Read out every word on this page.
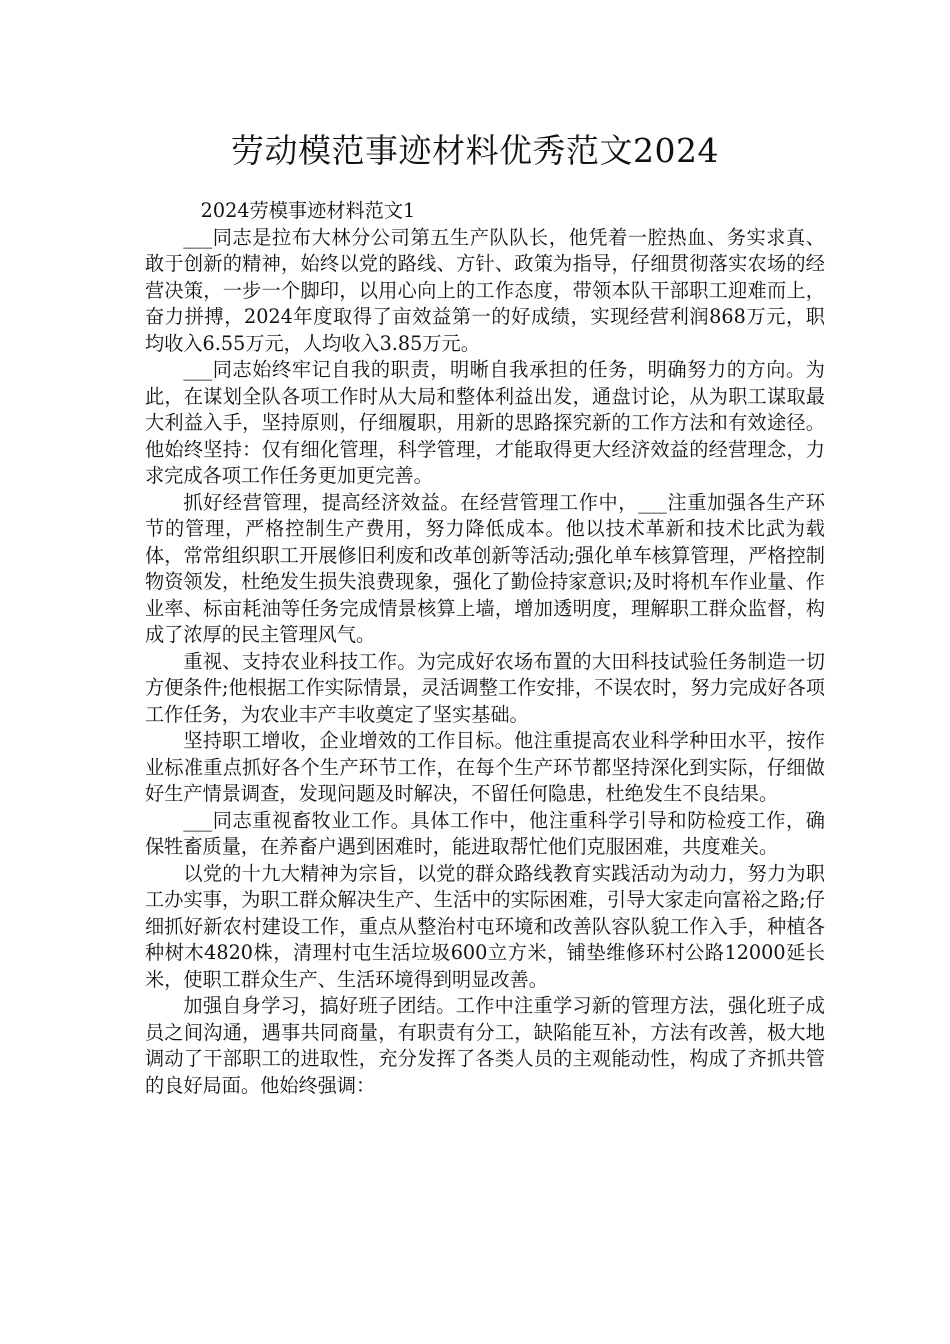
劳动模范事迹材料优秀范文2024

2024劳模事迹材料范文1

___同志是拉布大林分公司第五生产队队长，他凭着一腔热血、务实求真、敢于创新的精神，始终以党的路线、方针、政策为指导，仔细贯彻落实农场的经营决策，一步一个脚印，以用心向上的工作态度，带领本队干部职工迎难而上，奋力拼搏，2024年度取得了亩效益第一的好成绩，实现经营利润868万元，职均收入6.55万元，人均收入3.85万元。

___同志始终牢记自我的职责，明晰自我承担的任务，明确努力的方向。为此，在谋划全队各项工作时从大局和整体利益出发，通盘讨论，从为职工谋取最大利益入手，坚持原则，仔细履职，用新的思路探究新的工作方法和有效途径。他始终坚持：仅有细化管理，科学管理，才能取得更大经济效益的经营理念，力求完成各项工作任务更加更完善。

抓好经营管理，提高经济效益。在经营管理工作中，___注重加强各生产环节的管理，严格控制生产费用，努力降低成本。他以技术革新和技术比武为载体，常常组织职工开展修旧利废和改革创新等活动;强化单车核算管理，严格控制物资领发，杜绝发生损失浪费现象，强化了勤俭持家意识;及时将机车作业量、作业率、标亩耗油等任务完成情景核算上墙，增加透明度，理解职工群众监督，构成了浓厚的民主管理风气。

重视、支持农业科技工作。为完成好农场布置的大田科技试验任务制造一切方便条件;他根据工作实际情景，灵活调整工作安排，不误农时，努力完成好各项工作任务，为农业丰产丰收奠定了坚实基础。

坚持职工增收，企业增效的工作目标。他注重提高农业科学种田水平，按作业标准重点抓好各个生产环节工作，在每个生产环节都坚持深化到实际，仔细做好生产情景调查，发现问题及时解决，不留任何隐患，杜绝发生不良结果。

___同志重视畜牧业工作。具体工作中，他注重科学引导和防检疫工作，确保牲畜质量，在养畜户遇到困难时，能进取帮忙他们克服困难，共度难关。

以党的十九大精神为宗旨，以党的群众路线教育实践活动为动力，努力为职工办实事，为职工群众解决生产、生活中的实际困难，引导大家走向富裕之路;仔细抓好新农村建设工作，重点从整治村屯环境和改善队容队貌工作入手，种植各种树木4820株，清理村屯生活垃圾600立方米，铺垫维修环村公路12000延长米，使职工群众生产、生活环境得到明显改善。

加强自身学习，搞好班子团结。工作中注重学习新的管理方法，强化班子成员之间沟通，遇事共同商量，有职责有分工，缺陷能互补，方法有改善，极大地调动了干部职工的进取性，充分发挥了各类人员的主观能动性，构成了齐抓共管的良好局面。他始终强调：
